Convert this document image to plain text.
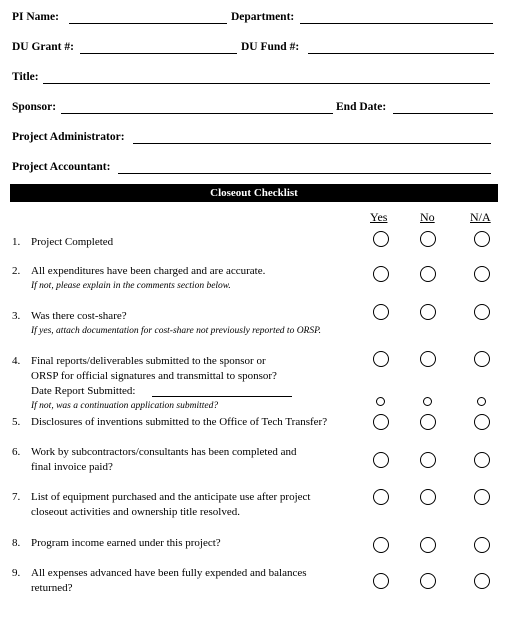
PI Name:	Department:
DU Grant #:	DU Fund #:
Title:
Sponsor:	End Date:
Project Administrator:
Project Accountant:
Closeout Checklist
Yes	No	N/A
1. Project Completed
2. All expenditures have been charged and are accurate.
If not, please explain in the comments section below.
3. Was there cost-share?
If yes, attach documentation for cost-share not previously reported to ORSP.
4. Final reports/deliverables submitted to the sponsor or
ORSP for official signatures and transmittal to sponsor?
Date Report Submitted:
If not, was a continuation application submitted?
5. Disclosures of inventions submitted to the Office of Tech Transfer?
6. Work by subcontractors/consultants has been completed and
final invoice paid?
7. List of equipment purchased and the anticipate use after project
closeout activities and ownership title resolved.
8. Program income earned under this project?
9. All expenses advanced have been fully expended and balances
returned?
